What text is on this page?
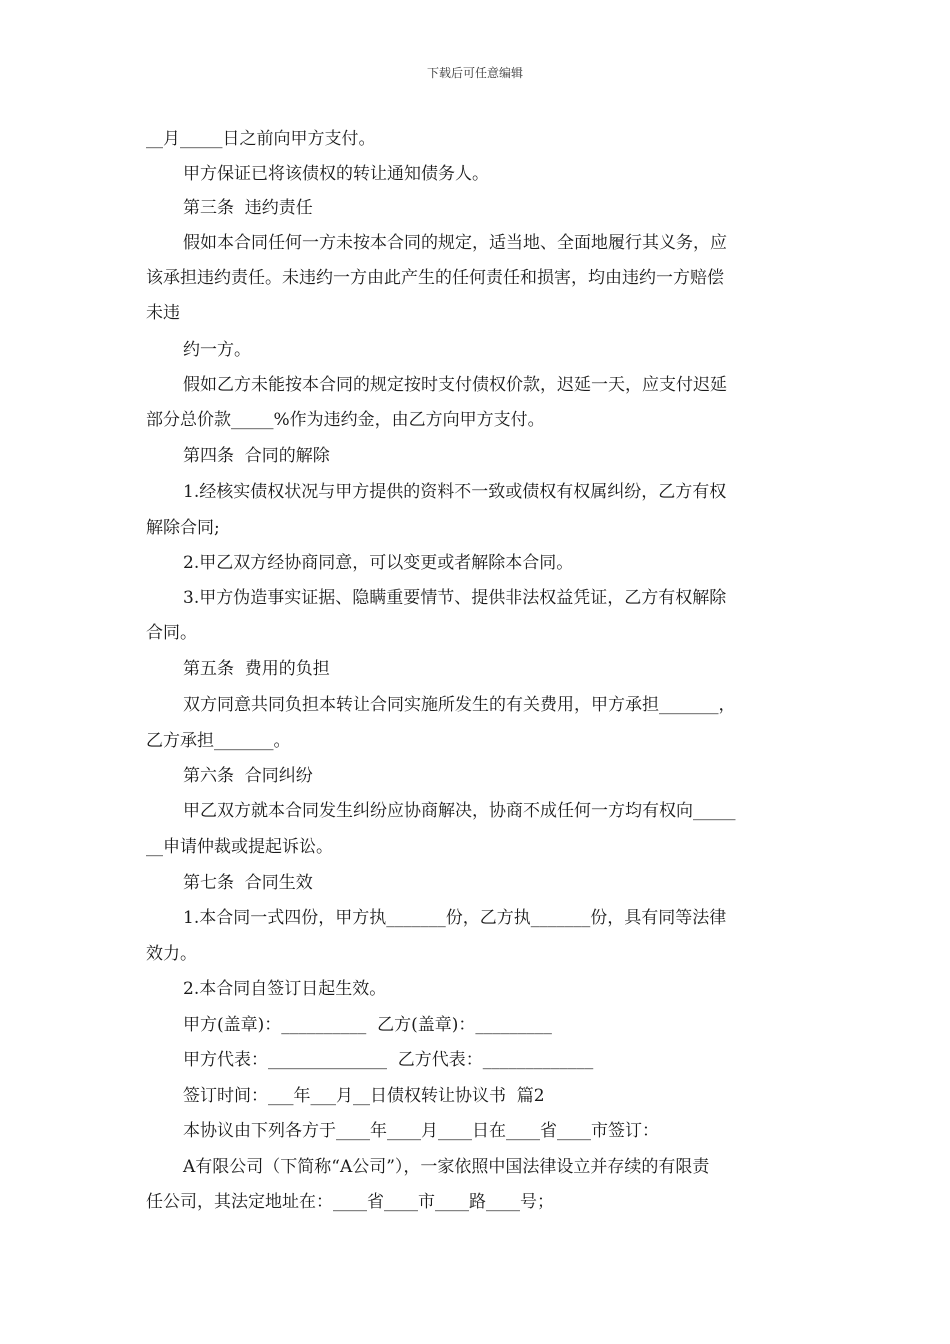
下载后可任意编辑
__月_____日之前向甲方支付。
甲方保证已将该债权的转让通知债务人。
第三条  违约责任
假如本合同任何一方未按本合同的规定，适当地、全面地履行其义务，应
该承担违约责任。未违约一方由此产生的任何责任和损害，均由违约一方赔偿
未违
约一方。
假如乙方未能按本合同的规定按时支付债权价款，迟延一天，应支付迟延
部分总价款_____%作为违约金，由乙方向甲方支付。
第四条  合同的解除
1.经核实债权状况与甲方提供的资料不一致或债权有权属纠纷，乙方有权
解除合同;
2.甲乙双方经协商同意，可以变更或者解除本合同。
3.甲方伪造事实证据、隐瞒重要情节、提供非法权益凭证，乙方有权解除
合同。
第五条  费用的负担
双方同意共同负担本转让合同实施所发生的有关费用，甲方承担_______，
乙方承担_______。
第六条  合同纠纷
甲乙双方就本合同发生纠纷应协商解决，协商不成任何一方均有权向_____
__申请仲裁或提起诉讼。
第七条  合同生效
1.本合同一式四份，甲方执_______份，乙方执_______份，具有同等法律
效力。
2.本合同自签订日起生效。
甲方(盖章)：__________  乙方(盖章)：_________
甲方代表：______________  乙方代表：_____________
签订时间：___年___月__日债权转让协议书  篇2
本协议由下列各方于____年____月____日在____省____市签订：
A有限公司（下简称“A公司”），一家依照中国法律设立并存续的有限责
任公司，其法定地址在：____省____市____路____号；
